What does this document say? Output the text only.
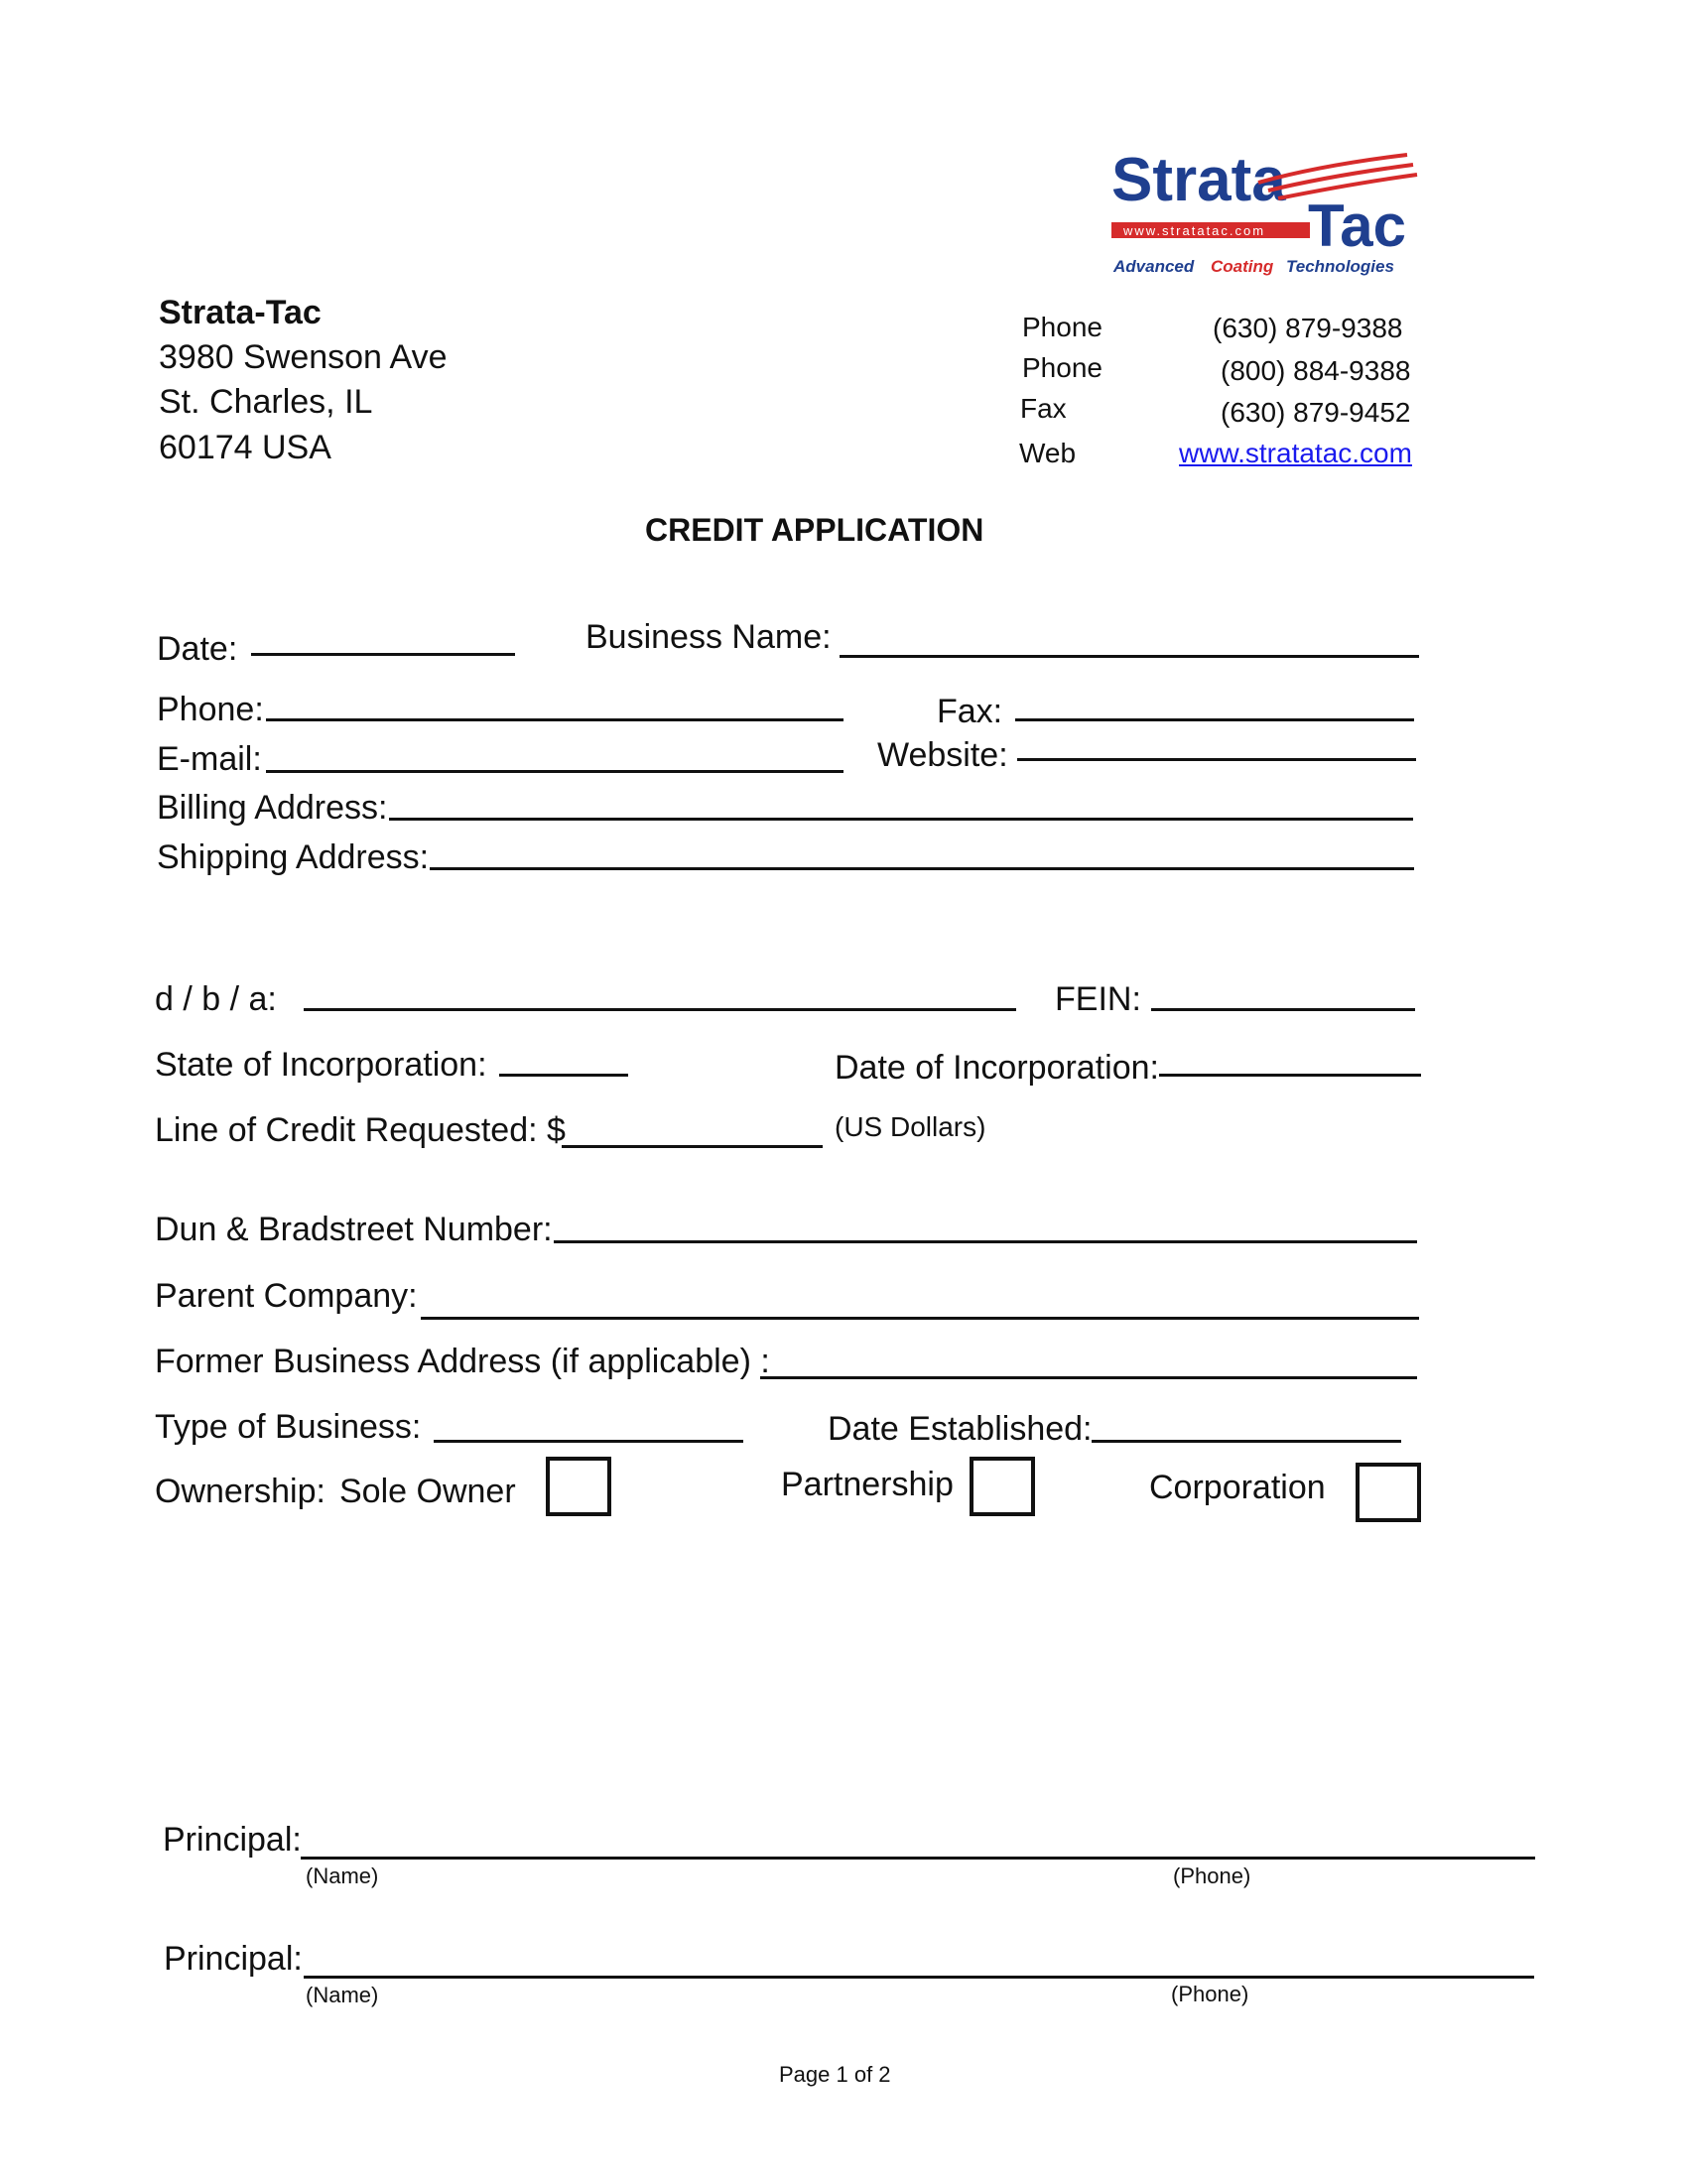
Strata
www.stratatac.com Tac
Advanced Coating Technologies
Strata-Tac
3980 Swenson Ave
St. Charles, IL
60174 USA
Phone	(630) 879-9388
Phone	(800) 884-9388
Fax	(630) 879-9452
Web	www.stratatac.com
CREDIT APPLICATION
Date:	Business Name:
Phone:	Fax:
E-mail:	Website:
Billing Address:
Shipping Address:
d / b / a:	FEIN:
State of Incorporation:	Date of Incorporation:
Line of Credit Requested: $	(US Dollars)
Dun & Bradstreet Number:
Parent Company:
Former Business Address (if applicable) :
Type of Business:	Date Established:
Ownership: Sole Owner	Partnership	Corporation
Principal:
(Name)	(Phone)
Principal:
(Name)	(Phone)
Page 1 of 2
